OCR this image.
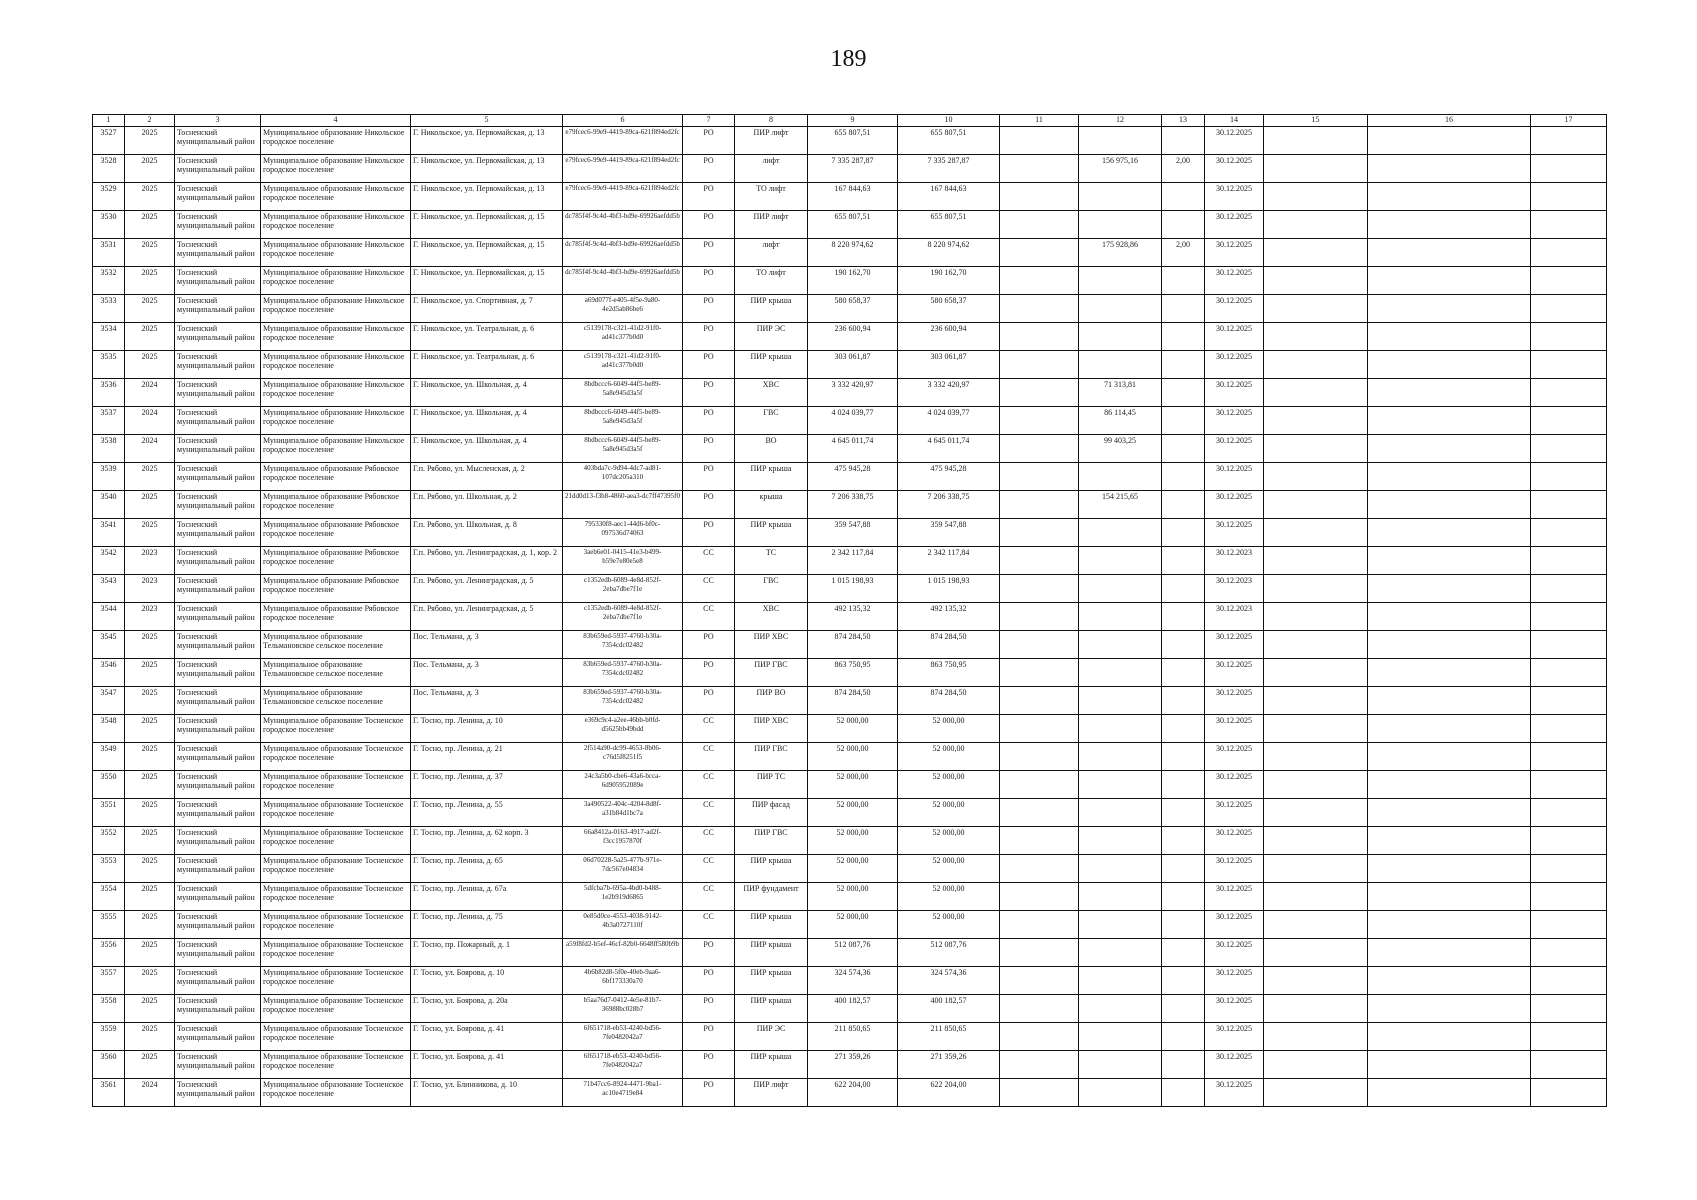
189
1	2	3	4	5	6	7	8	9	10	11	12	13	14	15	16	17
3527	2025	Тосненский муниципальный район	Муниципальное образование Никольское городское поселение	Г. Никольское, ул. Первомайская, д. 13	e79fcec6-99e9-4419-89ca-621f894ed2fc	РО	ПИР лифт	655 807,51	655 807,51				30.12.2025			
3528	2025	Тосненский муниципальный район	Муниципальное образование Никольское городское поселение	Г. Никольское, ул. Первомайская, д. 13	e79fcec6-99e9-4419-89ca-621f894ed2fc	РО	лифт	7 335 287,87	7 335 287,87		156 975,16	2,00	30.12.2025			
3529	2025	Тосненский муниципальный район	Муниципальное образование Никольское городское поселение	Г. Никольское, ул. Первомайская, д. 13	e79fcec6-99e9-4419-89ca-621f894ed2fc	РО	ТО лифт	167 844,63	167 844,63				30.12.2025			
3530	2025	Тосненский муниципальный район	Муниципальное образование Никольское городское поселение	Г. Никольское, ул. Первомайская, д. 15	dc785f4f-9c4d-4bf3-bd9e-69926aefdd5b	РО	ПИР лифт	655 807,51	655 807,51				30.12.2025			
3531	2025	Тосненский муниципальный район	Муниципальное образование Никольское городское поселение	Г. Никольское, ул. Первомайская, д. 15	dc785f4f-9c4d-4bf3-bd9e-69926aefdd5b	РО	лифт	8 220 974,62	8 220 974,62		175 928,86	2,00	30.12.2025			
3532	2025	Тосненский муниципальный район	Муниципальное образование Никольское городское поселение	Г. Никольское, ул. Первомайская, д. 15	dc785f4f-9c4d-4bf3-bd9e-69926aefdd5b	РО	ТО лифт	190 162,70	190 162,70				30.12.2025			
3533	2025	Тосненский муниципальный район	Муниципальное образование Никольское городское поселение	Г. Никольское, ул. Спортивная, д. 7	a69d077f-e405-4f5e-9a80-4e2d5ab86be6	РО	ПИР крыша	580 658,37	580 658,37				30.12.2025			
3534	2025	Тосненский муниципальный район	Муниципальное образование Никольское городское поселение	Г. Никольское, ул. Театральная, д. 6	c5139178-c321-41d2-91f0-ad41c377b0d0	РО	ПИР ЭС	236 600,94	236 600,94				30.12.2025			
3535	2025	Тосненский муниципальный район	Муниципальное образование Никольское городское поселение	Г. Никольское, ул. Театральная, д. 6	c5139178-c321-41d2-91f0-ad41c377b0d0	РО	ПИР крыша	303 061,87	303 061,87				30.12.2025			
3536	2024	Тосненский муниципальный район	Муниципальное образование Никольское городское поселение	Г. Никольское, ул. Школьная, д. 4	8bdbccc6-6049-44f5-be89-5a8e945d3a5f	РО	ХВС	3 332 420,97	3 332 420,97		71 313,81		30.12.2025			
3537	2024	Тосненский муниципальный район	Муниципальное образование Никольское городское поселение	Г. Никольское, ул. Школьная, д. 4	8bdbccc6-6049-44f5-be89-5a8e945d3a5f	РО	ГВС	4 024 039,77	4 024 039,77		86 114,45		30.12.2025			
3538	2024	Тосненский муниципальный район	Муниципальное образование Никольское городское поселение	Г. Никольское, ул. Школьная, д. 4	8bdbccc6-6049-44f5-be89-5a8e945d3a5f	РО	ВО	4 645 011,74	4 645 011,74		99 403,25		30.12.2025			
3539	2025	Тосненский муниципальный район	Муниципальное образование Рябовское городское поселение	Г.п. Рябово, ул. Мысленская, д. 2	403bda7c-9d94-4dc7-ad81-107dc205a310	РО	ПИР крыша	475 945,28	475 945,28				30.12.2025			
3540	2025	Тосненский муниципальный район	Муниципальное образование Рябовское городское поселение	Г.п. Рябово, ул. Школьная, д. 2	21dd0d13-f3b8-4860-aea3-dc7ff47395f0	РО	крыша	7 206 338,75	7 206 338,75		154 215,65		30.12.2025			
3541	2025	Тосненский муниципальный район	Муниципальное образование Рябовское городское поселение	Г.п. Рябово, ул. Школьная, д. 8	795330f8-aec1-44d6-bf0c-097536d74063	РО	ПИР крыша	359 547,88	359 547,88				30.12.2025			
3542	2023	Тосненский муниципальный район	Муниципальное образование Рябовское городское поселение	Г.п. Рябово, ул. Ленинградская, д. 1, кор. 2	3aeb6e01-0415-41e3-b499-b59e7e80e5e8	СС	ТС	2 342 117,84	2 342 117,84				30.12.2023			
3543	2023	Тосненский муниципальный район	Муниципальное образование Рябовское городское поселение	Г.п. Рябово, ул. Ленинградская, д. 5	c1352edb-6089-4e8d-852f-2eba7dbe7f1e	СС	ГВС	1 015 198,93	1 015 198,93				30.12.2023			
3544	2023	Тосненский муниципальный район	Муниципальное образование Рябовское городское поселение	Г.п. Рябово, ул. Ленинградская, д. 5	c1352edb-6089-4e8d-852f-2eba7dbe7f1e	СС	ХВС	492 135,32	492 135,32				30.12.2023			
3545	2025	Тосненский муниципальный район	Муниципальное образование Тельмановское сельское поселение	Пос. Тельмана, д. 3	83b659ed-5937-4760-b30a-7354cdc02482	РО	ПИР ХВС	874 284,50	874 284,50				30.12.2025			
3546	2025	Тосненский муниципальный район	Муниципальное образование Тельмановское сельское поселение	Пос. Тельмана, д. 3	83b659ed-5937-4760-b30a-7354cdc02482	РО	ПИР ГВС	863 750,95	863 750,95				30.12.2025			
3547	2025	Тосненский муниципальный район	Муниципальное образование Тельмановское сельское поселение	Пос. Тельмана, д. 3	83b659ed-5937-4760-b30a-7354cdc02482	РО	ПИР ВО	874 284,50	874 284,50				30.12.2025			
3548	2025	Тосненский муниципальный район	Муниципальное образование Тосненское городское поселение	Г. Тосно, пр. Ленина, д. 10	e369c9c4-a2ee-46bb-b0fd-d5625bb49bdd	СС	ПИР ХВС	52 000,00	52 000,00				30.12.2025			
3549	2025	Тосненский муниципальный район	Муниципальное образование Тосненское городское поселение	Г. Тосно, пр. Ленина, д. 21	2f514a90-dc99-4653-8b06-c76d5f8251f5	СС	ПИР ГВС	52 000,00	52 000,00				30.12.2025			
3550	2025	Тосненский муниципальный район	Муниципальное образование Тосненское городское поселение	Г. Тосно, пр. Ленина, д. 37	24c3a5b0-cbe6-43a6-bcca-6d905952089e	СС	ПИР ТС	52 000,00	52 000,00				30.12.2025			
3551	2025	Тосненский муниципальный район	Муниципальное образование Тосненское городское поселение	Г. Тосно, пр. Ленина, д. 55	3a490522-404c-4204-8d8f-a31b84d1bc7a	СС	ПИР фасад	52 000,00	52 000,00				30.12.2025			
3552	2025	Тосненский муниципальный район	Муниципальное образование Тосненское городское поселение	Г. Тосно, пр. Ленина, д. 62 корп. 3	66a8412a-0163-4917-ad2f-f3cc1957870f	СС	ПИР ГВС	52 000,00	52 000,00				30.12.2025			
3553	2025	Тосненский муниципальный район	Муниципальное образование Тосненское городское поселение	Г. Тосно, пр. Ленина, д. 65	06d70228-5a25-477b-971e-7dc567e04834	СС	ПИР крыша	52 000,00	52 000,00				30.12.2025			
3554	2025	Тосненский муниципальный район	Муниципальное образование Тосненское городское поселение	Г. Тосно, пр. Ленина, д. 67а	5dfcba7b-695a-4bd0-b488-1e2b919d6865	СС	ПИР фундамент	52 000,00	52 000,00				30.12.2025			
3555	2025	Тосненский муниципальный район	Муниципальное образование Тосненское городское поселение	Г. Тосно, пр. Ленина, д. 75	0e85d0ce-4553-4038-9142-4b3a0727110f	СС	ПИР крыша	52 000,00	52 000,00				30.12.2025			
3556	2025	Тосненский муниципальный район	Муниципальное образование Тосненское городское поселение	Г. Тосно, пр. Пожарный, д. 1	a59f8fd2-b5ef-46cf-82b0-6648ff580b9b	РО	ПИР крыша	512 087,76	512 087,76				30.12.2025			
3557	2025	Тосненский муниципальный район	Муниципальное образование Тосненское городское поселение	Г. Тосно, ул. Боярова, д. 10	4b6b82d8-5f0e-40eb-9aa6-6bf173330a70	РО	ПИР крыша	324 574,36	324 574,36				30.12.2025			
3558	2025	Тосненский муниципальный район	Муниципальное образование Тосненское городское поселение	Г. Тосно, ул. Боярова, д. 20а	b5aa76d7-0412-4e5e-81b7-36988bc028b7	РО	ПИР крыша	400 182,57	400 182,57				30.12.2025			
3559	2025	Тосненский муниципальный район	Муниципальное образование Тосненское городское поселение	Г. Тосно, ул. Боярова, д. 41	6f651718-eb53-4240-bd56-7fe0482042a7	РО	ПИР ЭС	211 850,65	211 850,65				30.12.2025			
3560	2025	Тосненский муниципальный район	Муниципальное образование Тосненское городское поселение	Г. Тосно, ул. Боярова, д. 41	6f651718-eb53-4240-bd56-7fe0482042a7	РО	ПИР крыша	271 359,26	271 359,26				30.12.2025			
3561	2024	Тосненский муниципальный район	Муниципальное образование Тосненское городское поселение	Г. Тосно, ул. Блинникова, д. 10	71b47cc6-8924-4471-9ba1-ac10e4719e84	РО	ПИР лифт	622 204,00	622 204,00				30.12.2025			
